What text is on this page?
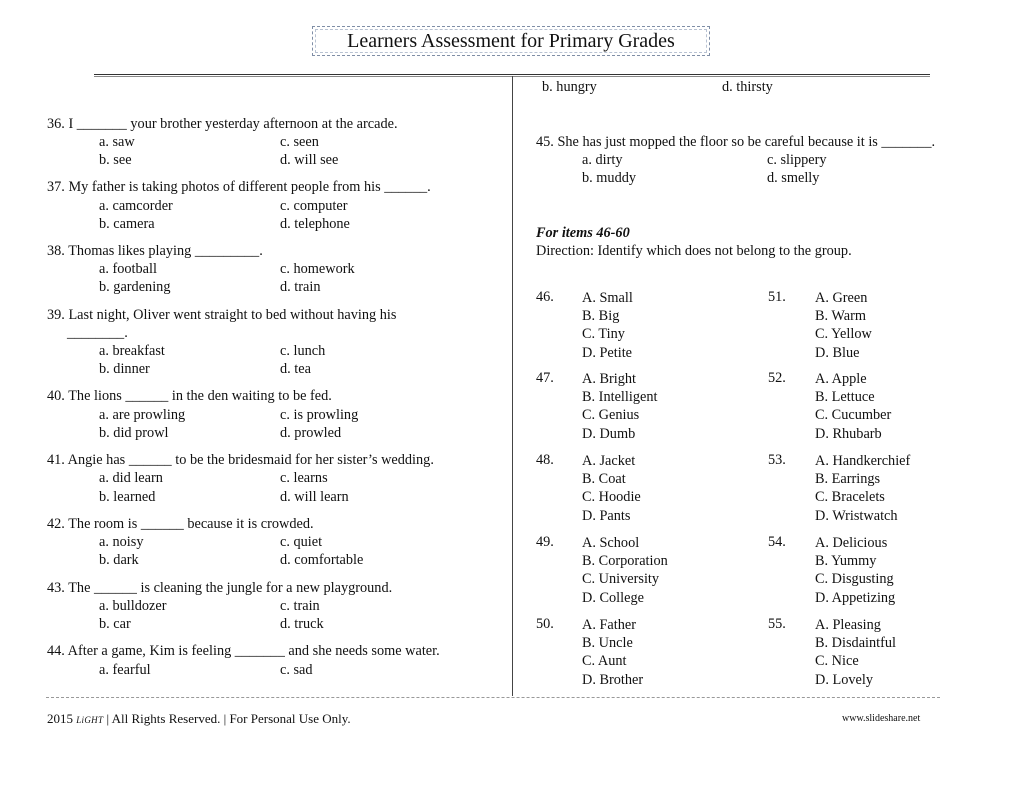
Learners Assessment for Primary Grades
36. I _______ your brother yesterday afternoon at the arcade.
a. saw	c. seen
b. see	d. will see
37. My father is taking photos of different people from his ______.
a. camcorder	c. computer
b. camera	d. telephone
38. Thomas likes playing _________.
a. football	c. homework
b. gardening	d. train
39. Last night, Oliver went straight to bed without having his
________.
a. breakfast	c. lunch
b. dinner	d. tea
40. The lions ______ in the den waiting to be fed.
a. are prowling	c. is prowling
b. did prowl	d. prowled
41. Angie has ______ to be the bridesmaid for her sister’s wedding.
a. did learn	c. learns
b. learned	d. will learn
42. The room is ______ because it is crowded.
a. noisy	c. quiet
b. dark	d. comfortable
43. The ______ is cleaning the jungle for a new playground.
a. bulldozer	c. train
b. car	d. truck
44. After a game, Kim is feeling _______ and she needs some water.
a. fearful	c. sad
b. hungry	d. thirsty
45. She has just mopped the floor so be careful because it is _______.
a. dirty	c. slippery
b. muddy	d. smelly
For items 46-60
Direction: Identify which does not belong to the group.
46. A. Small
B. Big
C. Tiny
D. Petite
51. A. Green
B. Warm
C. Yellow
D. Blue
47. A. Bright
B. Intelligent
C. Genius
D. Dumb
52. A. Apple
B. Lettuce
C. Cucumber
D. Rhubarb
48. A. Jacket
B. Coat
C. Hoodie
D. Pants
53. A. Handkerchief
B. Earrings
C. Bracelets
D. Wristwatch
49. A. School
B. Corporation
C. University
D. College
54. A. Delicious
B. Yummy
C. Disgusting
D. Appetizing
50. A. Father
B. Uncle
C. Aunt
D. Brother
55. A. Pleasing
B. Disdaintful
C. Nice
D. Lovely
2015 LiGHT | All Rights Reserved. | For Personal Use Only.	www.slideshare.net
